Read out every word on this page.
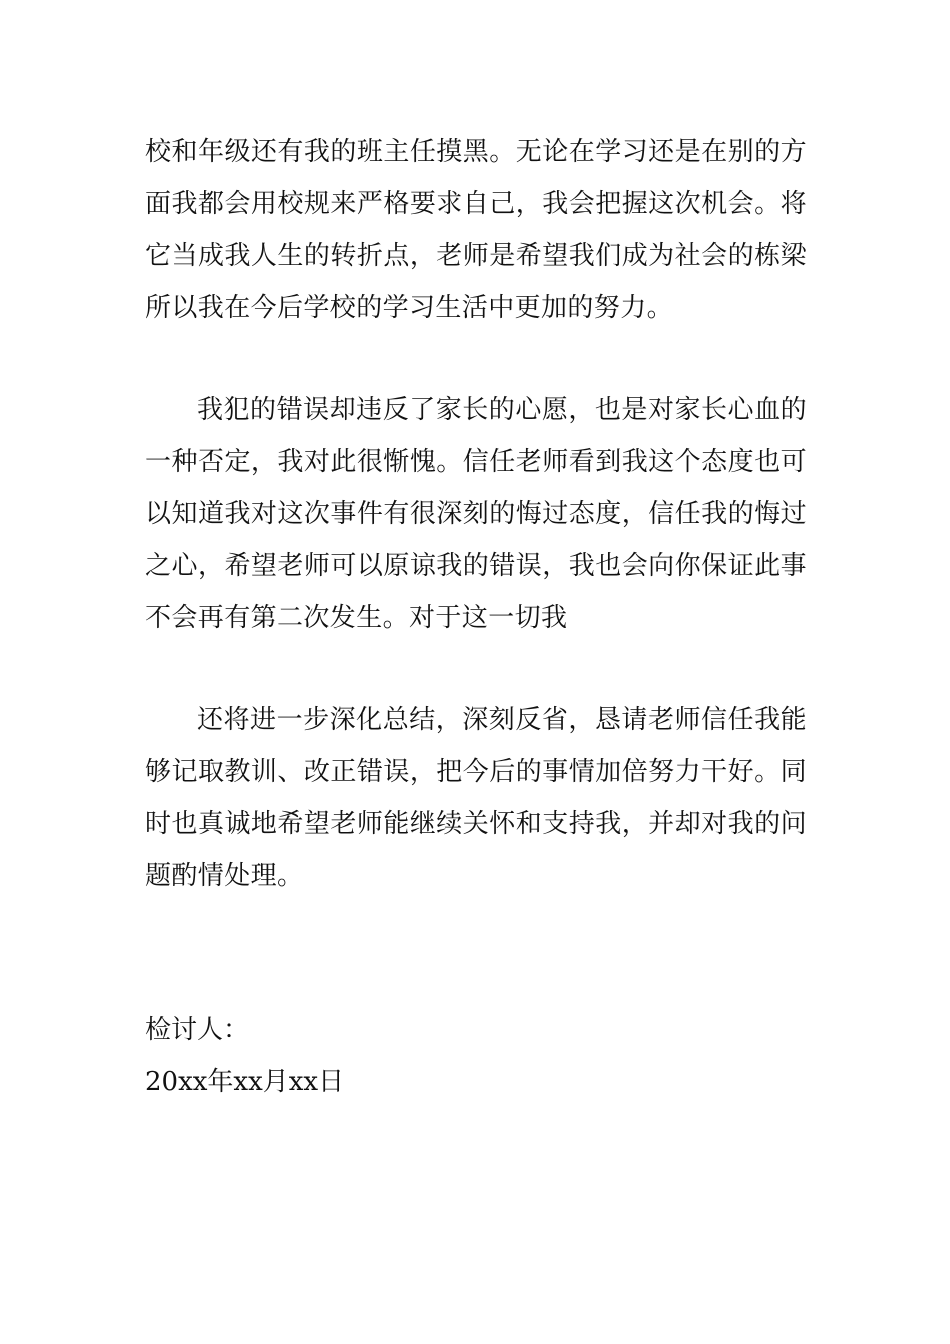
校和年级还有我的班主任摸黑。无论在学习还是在别的方面我都会用校规来严格要求自己，我会把握这次机会。将它当成我人生的转折点，老师是希望我们成为社会的栋梁所以我在今后学校的学习生活中更加的努力。

我犯的错误却违反了家长的心愿，也是对家长心血的一种否定，我对此很惭愧。信任老师看到我这个态度也可以知道我对这次事件有很深刻的悔过态度，信任我的悔过之心，希望老师可以原谅我的错误，我也会向你保证此事不会再有第二次发生。对于这一切我

还将进一步深化总结，深刻反省，恳请老师信任我能够记取教训、改正错误，把今后的事情加倍努力干好。同时也真诚地希望老师能继续关怀和支持我，并却对我的问题酌情处理。

检讨人：

20xx年xx月xx日
